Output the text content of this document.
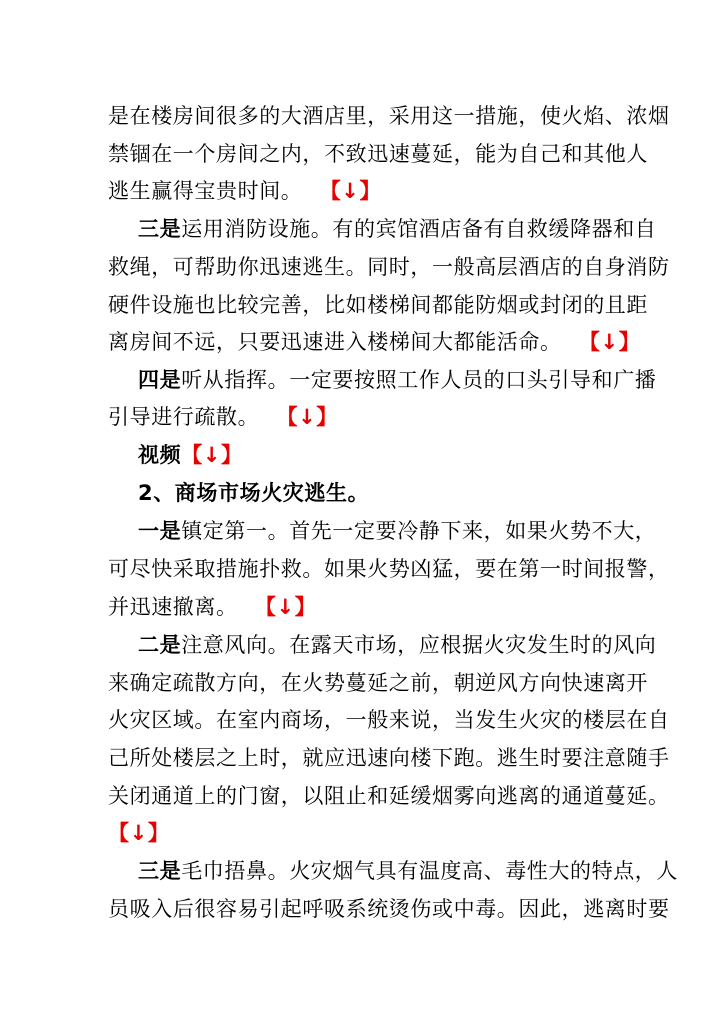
是在楼房间很多的大酒店里，采用这一措施，使火焰、浓烟
禁锢在一个房间之内，不致迅速蔓延，能为自己和其他人
逃生赢得宝贵时间。 【↓】
三是运用消防设施。有的宾馆酒店备有自救缓降器和自
救绳，可帮助你迅速逃生。同时，一般高层酒店的自身消防
硬件设施也比较完善，比如楼梯间都能防烟或封闭的且距
离房间不远，只要迅速进入楼梯间大都能活命。 【↓】
四是听从指挥。一定要按照工作人员的口头引导和广播
引导进行疏散。 【↓】
视频【↓】
2、商场市场火灾逃生。
一是镇定第一。首先一定要冷静下来，如果火势不大，
可尽快采取措施扑救。如果火势凶猛，要在第一时间报警，
并迅速撤离。 【↓】
二是注意风向。在露天市场，应根据火灾发生时的风向
来确定疏散方向，在火势蔓延之前，朝逆风方向快速离开
火灾区域。在室内商场，一般来说，当发生火灾的楼层在自
己所处楼层之上时，就应迅速向楼下跑。逃生时要注意随手
关闭通道上的门窗，以阻止和延缓烟雾向逃离的通道蔓延。
【↓】
三是毛巾捂鼻。火灾烟气具有温度高、毒性大的特点，人
员吸入后很容易引起呼吸系统烫伤或中毒。因此，逃离时要
